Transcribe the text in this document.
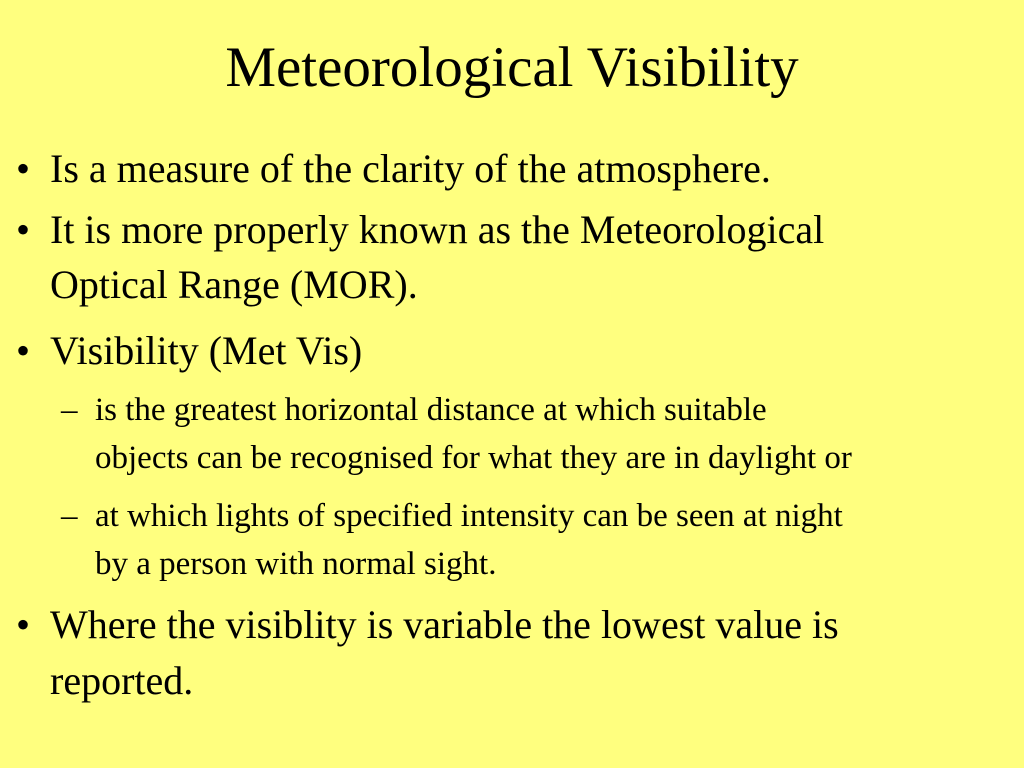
Meteorological Visibility
• Is a measure of the clarity of the atmosphere.
• It is more properly known as the Meteorological
Optical Range (MOR).
• Visibility (Met Vis)
– is the greatest horizontal distance at which suitable
objects can be recognised for what they are in daylight or
– at which lights of specified intensity can be seen at night
by a person with normal sight.
• Where the visiblity is variable the lowest value is
reported.
